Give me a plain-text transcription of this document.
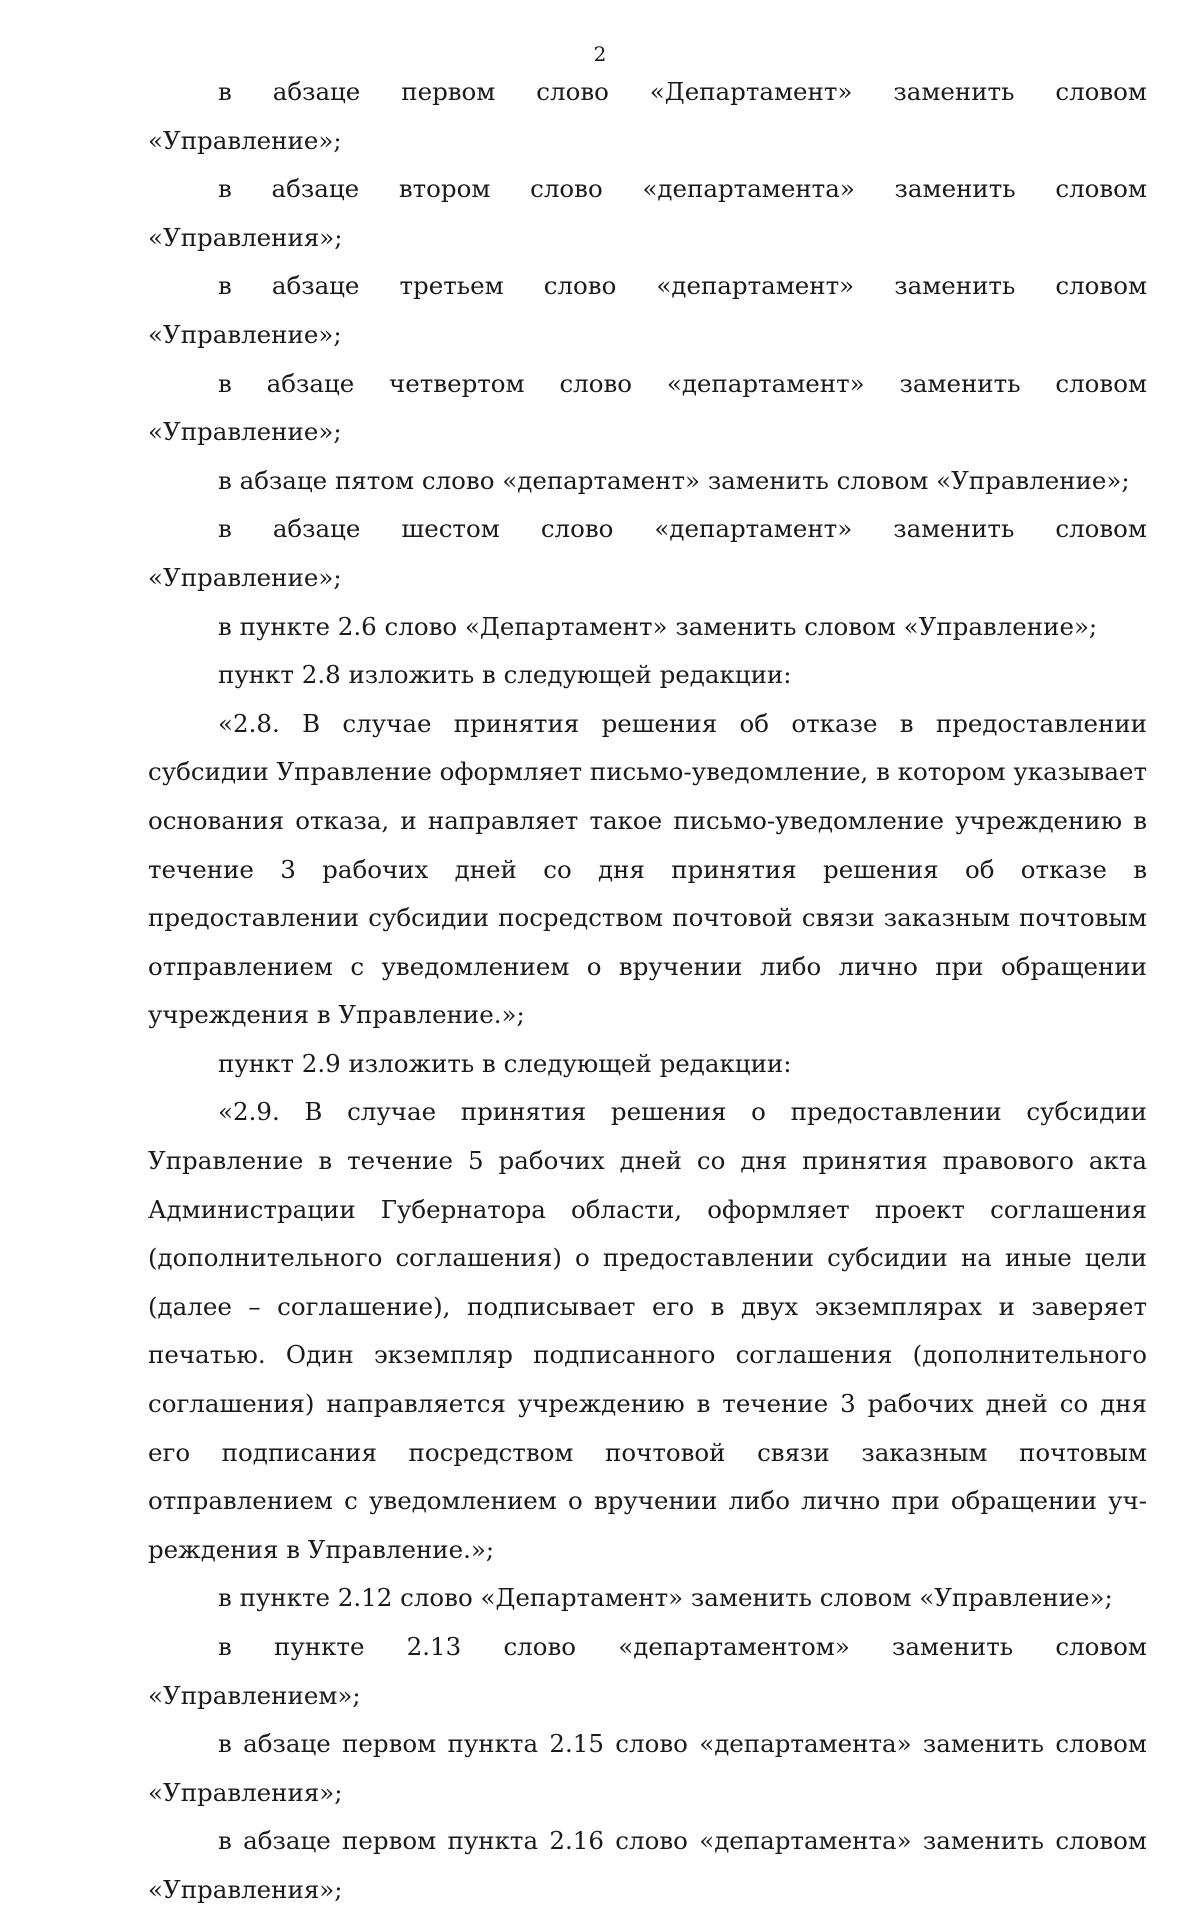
2

в абзаце первом слово «Департамент» заменить словом «Управление»;

в абзаце втором слово «департамента» заменить словом «Управления»;

в абзаце третьем слово «департамент» заменить словом «Управление»;

в абзаце четвертом слово «департамент» заменить словом «Управление»;

в абзаце пятом слово «департамент» заменить словом «Управление»;

в абзаце шестом слово «департамент» заменить словом «Управление»;

в пункте 2.6 слово «Департамент» заменить словом «Управление»;

пункт 2.8 изложить в следующей редакции:

«2.8. В случае принятия решения об отказе в предоставлении субсидии Управление оформляет письмо-уведомление, в котором указывает основания отказа, и направляет такое письмо-уведомление учреждению в течение 3 рабочих дней со дня принятия решения об отказе в предоставлении субсидии посредством почтовой связи заказным почтовым отправлением с уведомлением о вручении либо лично при обращении учреждения в Управление.»;

пункт 2.9 изложить в следующей редакции:

«2.9. В случае принятия решения о предоставлении субсидии Управление в течение 5 рабочих дней со дня принятия правового акта Администрации Губернатора области, оформляет проект соглашения (дополнительного соглашения) о предоставлении субсидии на иные цели (далее – соглашение), подписывает его в двух экземплярах и заверяет печатью. Один экземпляр подписанного соглашения (дополнительного соглашения) направляется учреждению в течение 3 рабочих дней со дня его подписания посредством почтовой связи заказным почтовым отправлением с уведомлением о вручении либо лично при обращении учреждения в Управление.»;

в пункте 2.12 слово «Департамент» заменить словом «Управление»;

в пункте 2.13 слово «департаментом» заменить словом «Управлением»;

в абзаце первом пункта 2.15 слово «департамента» заменить словом «Управления»;

в абзаце первом пункта 2.16 слово «департамента» заменить словом «Управления»;
